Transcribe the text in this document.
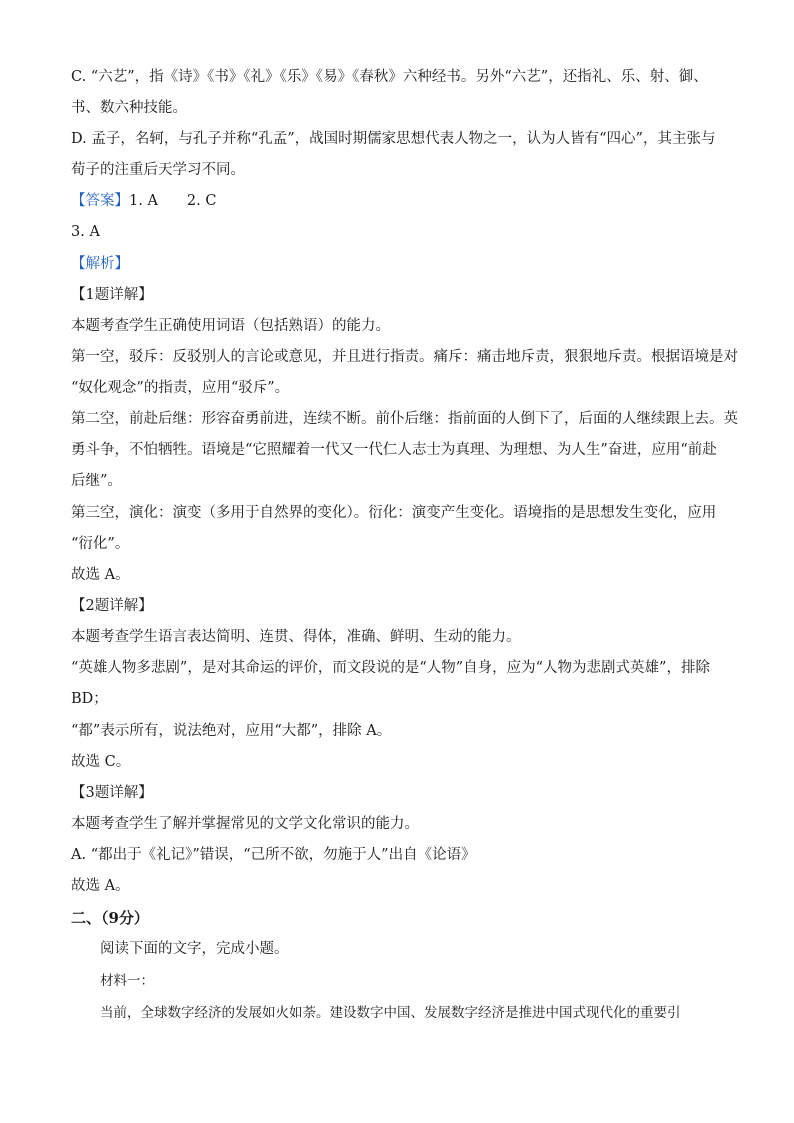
C. “六艺”，指《诗》《书》《礼》《乐》《易》《春秋》六种经书。另外“六艺”，还指礼、乐、射、御、
书、数六种技能。
D. 孟子，名轲，与孔子并称“孔孟”，战国时期儒家思想代表人物之一，认为人皆有“四心”，其主张与
荀子的注重后天学习不同。
【答案】1. A　　2. C
3. A
【解析】
【1题详解】
本题考查学生正确使用词语（包括熟语）的能力。
第一空，驳斥：反驳别人的言论或意见，并且进行指责。痛斥：痛击地斥责，狠狠地斥责。根据语境是对
“奴化观念”的指责，应用“驳斥”。
第二空，前赴后继：形容奋勇前进，连续不断。前仆后继：指前面的人倒下了，后面的人继续跟上去。英
勇斗争，不怕牺牲。语境是“它照耀着一代又一代仁人志士为真理、为理想、为人生”奋进，应用“前赴
后继”。
第三空，演化：演变（多用于自然界的变化）。衍化：演变产生变化。语境指的是思想发生变化，应用
“衍化”。
故选 A。
【2题详解】
本题考查学生语言表达简明、连贯、得体，准确、鲜明、生动的能力。
“英雄人物多悲剧”，是对其命运的评价，而文段说的是“人物”自身，应为“人物为悲剧式英雄”，排除
BD；
“都”表示所有，说法绝对，应用“大都”，排除 A。
故选 C。
【3题详解】
本题考查学生了解并掌握常见的文学文化常识的能力。
A. “都出于《礼记》”错误，“己所不欲，勿施于人”出自《论语》
故选 A。
二、（9分）
阅读下面的文字，完成小题。
材料一：
当前，全球数字经济的发展如火如荼。建设数字中国、发展数字经济是推进中国式现代化的重要引
